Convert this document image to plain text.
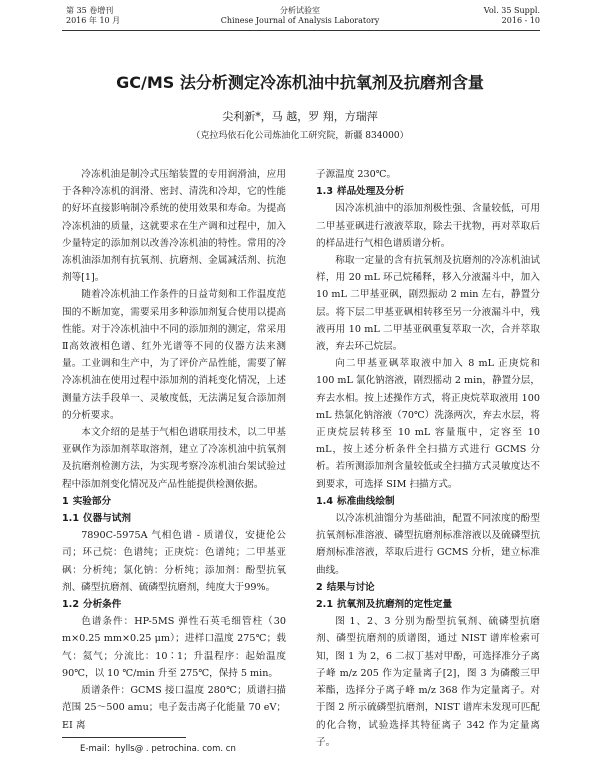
第 35 卷增刊
2016 年 10 月
分析试验室
Chinese Journal of Analysis Laboratory
Vol. 35 Suppl.
2016 - 10
GC/MS 法分析测定冷冻机油中抗氧剂及抗磨剂含量
尖利新*，马 越，罗 翔，方瑞萍
（克拉玛依石化公司炼油化工研究院，新疆 834000）

冷冻机油是制冷式压缩装置的专用润滑油，应用于各种冷冻机的润滑、密封、清洗和冷却，它的性能的好坏直接影响制冷系统的使用效果和寿命。为提高冷冻机油的质量，这就要求在生产调和过程中，加入少量特定的添加剂以改善冷冻机油的特性。常用的冷冻机油添加剂有抗氧剂、抗磨剂、金属减活剂、抗泡剂等[1]。

随着冷冻机油工作条件的日益苛刻和工作温度范围的不断加宽，需要采用多种添加剂复合使用以提高性能。对于冷冻机油中不同的添加剂的测定，常采用Ⅱ高效液相色谱、红外光谱等不同的仪器方法来测量。工业调和生产中，为了评价产品性能，需要了解冷冻机油在使用过程中添加剂的消耗变化情况，上述测量方法手段单一、灵敏度低，无法满足复合添加剂的分析要求。

本文介绍的是基于气相色谱联用技术，以二甲基亚砜作为添加剂萃取溶剂，建立了冷冻机油中抗氧剂及抗磨剂检测方法，为实现考察冷冻机油台架试验过程中添加剂变化情况及产品性能提供检测依据。

1 实验部分
1.1 仪器与试剂

7890C-5975A 气相色谱 - 质谱仪，安捷伦公司；环己烷：色谱纯；正庚烷：色谱纯；二甲基亚砜：分析纯；氯化钠：分析纯；添加剂：酚型抗氧剂、磷型抗磨剂、硫磷型抗磨剂，纯度大于99%。

1.2 分析条件

色谱条件：HP-5MS 弹性石英毛细管柱（30 m×0.25 mm×0.25 μm）；进样口温度 275℃；载气：氦气；分流比：10∶1；升温程序：起始温度 90℃，以 10 ℃/min 升至 275℃，保持 5 min。

质谱条件：GCMS 接口温度 280℃；质谱扫描范围 25～500 amu；电子轰击离子化能量 70 eV；EI 离

子源温度 230℃。

1.3 样品处理及分析

因冷冻机油中的添加剂极性强、含量较低，可用二甲基亚砜进行液液萃取，除去干扰物，再对萃取后的样品进行气相色谱质谱分析。

称取一定量的含有抗氧剂及抗磨剂的冷冻机油试样，用 20 mL 环己烷稀释，移入分液漏斗中，加入 10 mL 二甲基亚砜，剧烈振动 2 min 左右，静置分层。将下层二甲基亚砜相转移至另一分液漏斗中，残液再用 10 mL 二甲基亚砜重复萃取一次，合并萃取液，弃去环己烷层。

向二甲基亚砜萃取液中加入 8 mL 正庚烷和 100 mL 氯化钠溶液，剧烈摇动 2 min，静置分层，弃去水相。按上述操作方式，将正庚烷萃取液用 100 mL 热氯化钠溶液（70℃）洗涤两次，弃去水层，将正庚烷层转移至 10 mL 容量瓶中，定容至 10 mL，按上述分析条件全扫描方式进行 GCMS 分析。若所测添加剂含量较低或全扫描方式灵敏度达不到要求，可选择 SIM 扫描方式。

1.4 标准曲线绘制

以冷冻机油馏分为基础油，配置不同浓度的酚型抗氧剂标准溶液、磷型抗磨剂标准溶液以及硫磷型抗磨剂标准溶液，萃取后进行 GCMS 分析，建立标准曲线。

2 结果与讨论
2.1 抗氧剂及抗磨剂的定性定量

图 1、2、3 分别为酚型抗氧剂、硫磷型抗磨剂、磷型抗磨剂的质谱图，通过 NIST 谱库检索可知，图 1 为 2，6 二叔丁基对甲酚，可选择准分子离子峰 m/z 205 作为定量离子[2]，图 3 为磷酸三甲苯酯，选择分子离子峰 m/z 368 作为定量离子。对于图 2 所示硫磷型抗磨剂，NIST 谱库未发现可匹配的化合物，试验选择其特征离子 342 作为定量离子。

E-mail：hylls@ . petrochina. com. cn
